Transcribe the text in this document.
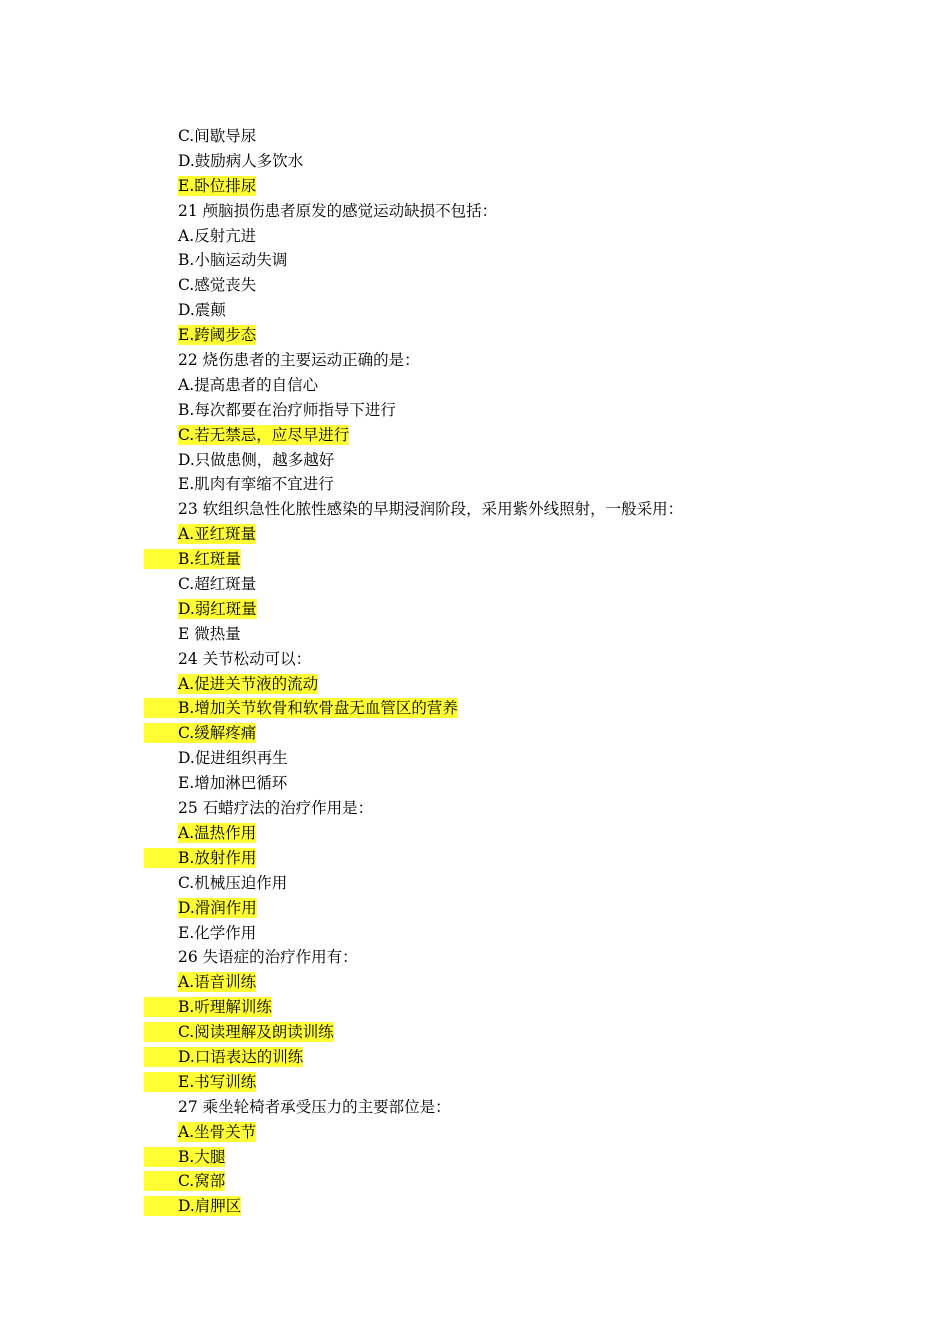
C.间歇导尿
D.鼓励病人多饮水
E.卧位排尿
21 颅脑损伤患者原发的感觉运动缺损不包括：
A.反射亢进
B.小脑运动失调
C.感觉丧失
D.震颠
E.跨阈步态
22 烧伤患者的主要运动正确的是：
A.提高患者的自信心
B.每次都要在治疗师指导下进行
C.若无禁忌，应尽早进行
D.只做患侧，越多越好
E.肌肉有挛缩不宜进行
23 软组织急性化脓性感染的早期浸润阶段，采用紫外线照射，一般采用：
A.亚红斑量
B.红斑量
C.超红斑量
D.弱红斑量
E 微热量
24 关节松动可以：
A.促进关节液的流动
B.增加关节软骨和软骨盘无血管区的营养
C.缓解疼痛
D.促进组织再生
E.增加淋巴循环
25 石蜡疗法的治疗作用是：
A.温热作用
B.放射作用
C.机械压迫作用
D.滑润作用
E.化学作用
26 失语症的治疗作用有：
A.语音训练
B.听理解训练
C.阅读理解及朗读训练
D.口语表达的训练
E.书写训练
27 乘坐轮椅者承受压力的主要部位是：
A.坐骨关节
B.大腿
C.窝部
D.肩胛区
